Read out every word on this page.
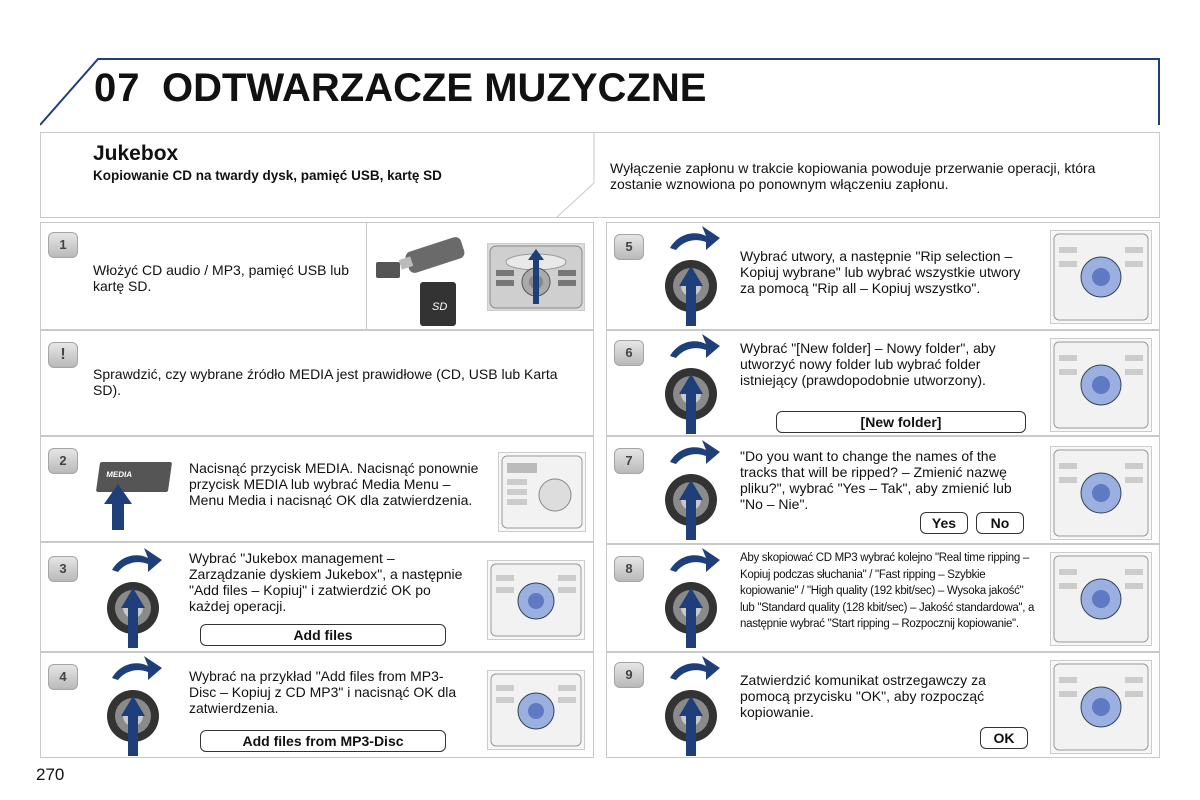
07 ODTWARZACZE MUZYCZNE
Jukebox
Kopiowanie CD na twardy dysk, pamięć USB, kartę SD	Wyłączenie zapłonu w trakcie kopiowania powoduje przerwanie operacji, która zostanie wznowiona po ponownym włączeniu zapłonu.
1
Włożyć CD audio / MP3, pamięć USB lub kartę SD.
SD
!
Sprawdzić, czy wybrane źródło MEDIA jest prawidłowe (CD, USB lub Karta SD).
2
MEDIA	Nacisnąć przycisk MEDIA. Nacisnąć ponownie przycisk MEDIA lub wybrać Media Menu – Menu Media i nacisnąć OK dla zatwierdzenia.
3
Wybrać "Jukebox management – Zarządzanie dyskiem Jukebox", a następnie "Add files – Kopiuj" i zatwierdzić OK po każdej operacji.
Add files
4	Wybrać na przykład "Add files from MP3-Disc – Kopiuj z CD MP3" i nacisnąć OK dla zatwierdzenia.
Add files from MP3-Disc
5
Wybrać utwory, a następnie "Rip selection – Kopiuj wybrane" lub wybrać wszystkie utwory za pomocą "Rip all – Kopiuj wszystko".
6	Wybrać "[New folder] – Nowy folder", aby utworzyć nowy folder lub wybrać folder istniejący (prawdopodobnie utworzony).
[New folder]
7	"Do you want to change the names of the tracks that will be ripped? – Zmienić nazwę pliku?", wybrać "Yes – Tak", aby zmienić lub "No – Nie".
Yes	No
8
Aby skopiować CD MP3 wybrać kolejno "Real time ripping – Kopiuj podczas słuchania" / "Fast ripping – Szybkie kopiowanie" / "High quality (192 kbit/sec) – Wysoka jakość" lub "Standard quality (128 kbit/sec) – Jakość standardowa", a następnie wybrać "Start ripping – Rozpocznij kopiowanie".
9	Zatwierdzić komunikat ostrzegawczy za pomocą przycisku "OK", aby rozpocząć kopiowanie.
OK
270
